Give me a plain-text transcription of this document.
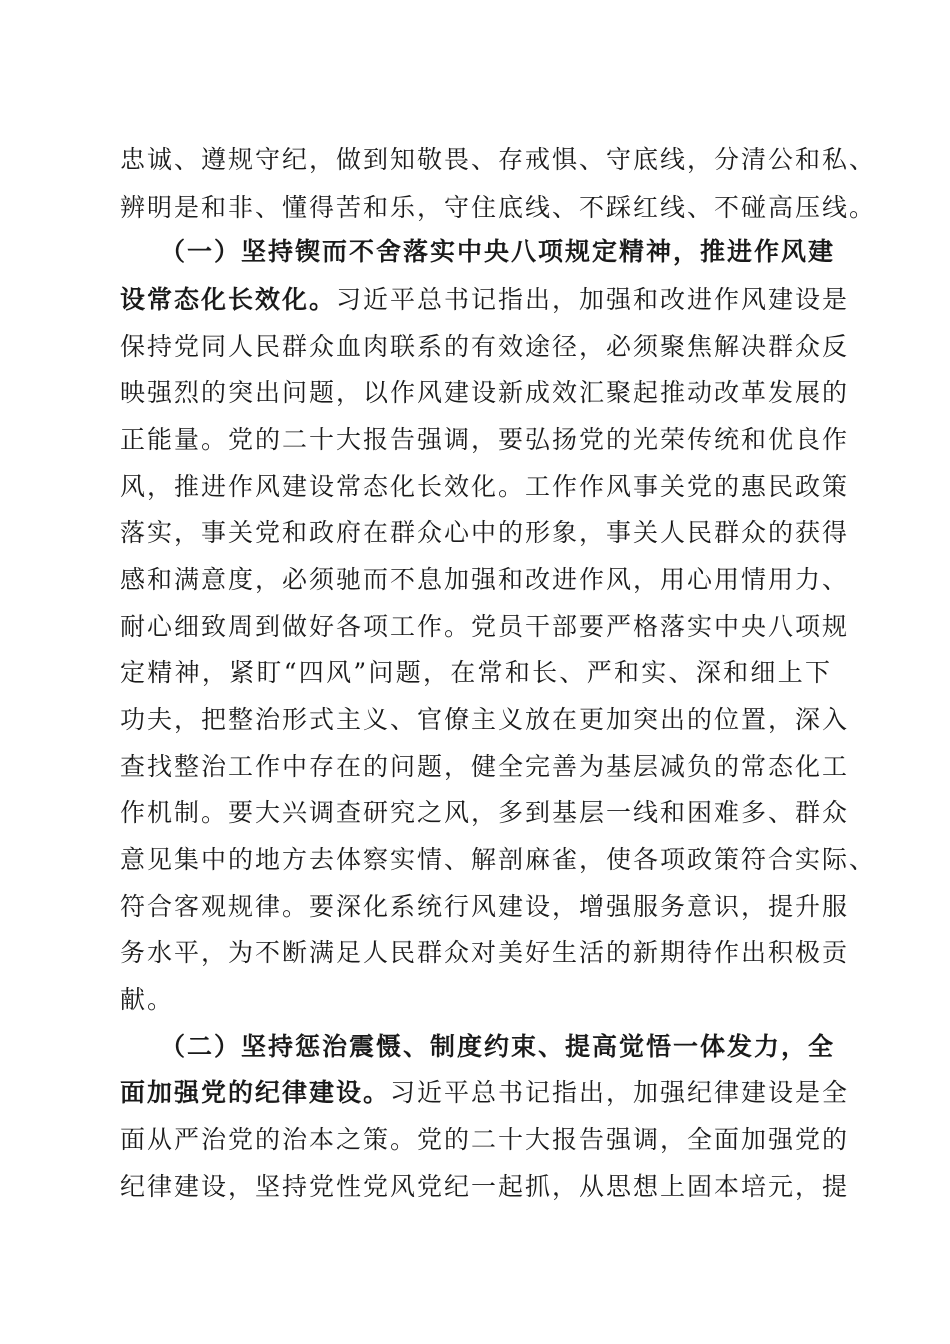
忠诚、遵规守纪，做到知敬畏、存戒惧、守底线，分清公和私、
辨明是和非、懂得苦和乐，守住底线、不踩红线、不碰高压线。
（一）坚持锲而不舍落实中央八项规定精神，推进作风建
设常态化长效化。习近平总书记指出，加强和改进作风建设是
保持党同人民群众血肉联系的有效途径，必须聚焦解决群众反
映强烈的突出问题，以作风建设新成效汇聚起推动改革发展的
正能量。党的二十大报告强调，要弘扬党的光荣传统和优良作
风，推进作风建设常态化长效化。工作作风事关党的惠民政策
落实，事关党和政府在群众心中的形象，事关人民群众的获得
感和满意度，必须驰而不息加强和改进作风，用心用情用力、
耐心细致周到做好各项工作。党员干部要严格落实中央八项规
定精神，紧盯“四风”问题，在常和长、严和实、深和细上下
功夫，把整治形式主义、官僚主义放在更加突出的位置，深入
查找整治工作中存在的问题，健全完善为基层减负的常态化工
作机制。要大兴调查研究之风，多到基层一线和困难多、群众
意见集中的地方去体察实情、解剖麻雀，使各项政策符合实际、
符合客观规律。要深化系统行风建设，增强服务意识，提升服
务水平，为不断满足人民群众对美好生活的新期待作出积极贡
献。
（二）坚持惩治震慑、制度约束、提高觉悟一体发力，全
面加强党的纪律建设。习近平总书记指出，加强纪律建设是全
面从严治党的治本之策。党的二十大报告强调，全面加强党的
纪律建设，坚持党性党风党纪一起抓，从思想上固本培元，提
